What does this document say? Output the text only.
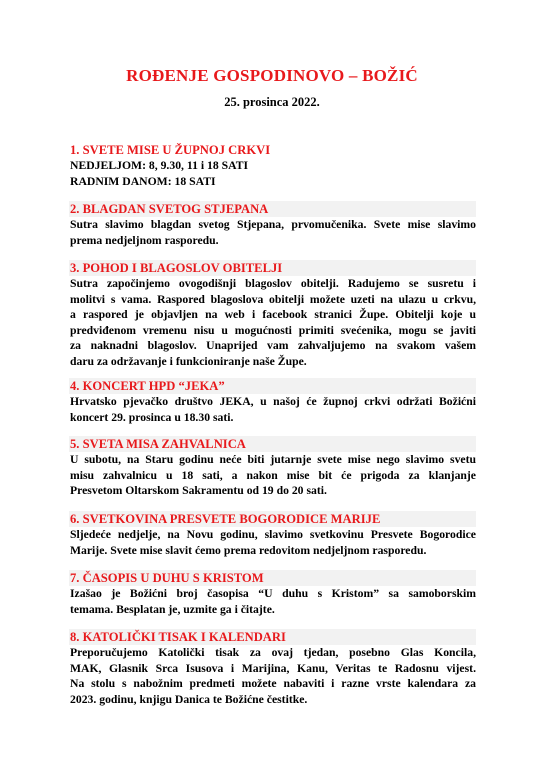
ROĐENJE GOSPODINOVO – BOŽIĆ
25. prosinca 2022.
1. SVETE MISE U ŽUPNOJ CRKVI
NEDJELJOM: 8, 9.30, 11 i 18 SATI
RADNIM DANOM: 18 SATI
2. BLAGDAN SVETOG STJEPANA
Sutra slavimo blagdan svetog Stjepana, prvomučenika. Svete mise slavimo
prema nedjeljnom rasporedu.
3. POHOD I BLAGOSLOV OBITELJI
Sutra započinjemo ovogodišnji blagoslov obitelji. Radujemo se susretu i
molitvi s vama. Raspored blagoslova obitelji možete uzeti na ulazu u crkvu,
a raspored je objavljen na web i facebook stranici Župe. Obitelji koje u
predviđenom vremenu nisu u mogućnosti primiti svećenika, mogu se javiti
za naknadni blagoslov. Unaprijed vam zahvaljujemo na svakom vašem
daru za održavanje i funkcioniranje naše Župe.
4. KONCERT HPD “JEKA”
Hrvatsko pjevačko društvo JEKA, u našoj će župnoj crkvi održati Božićni
koncert 29. prosinca u 18.30 sati.
5. SVETA MISA ZAHVALNICA
U subotu, na Staru godinu neće biti jutarnje svete mise nego slavimo svetu
misu zahvalnicu u 18 sati, a nakon mise bit će prigoda za klanjanje
Presvetom Oltarskom Sakramentu od 19 do 20 sati.
6. SVETKOVINA PRESVETE BOGORODICE MARIJE
Sljedeće nedjelje, na Novu godinu, slavimo svetkovinu Presvete Bogorodice
Marije. Svete mise slavit ćemo prema redovitom nedjeljnom rasporedu.
7. ČASOPIS U DUHU S KRISTOM
Izašao je Božićni broj časopisa “U duhu s Kristom” sa samoborskim
temama. Besplatan je, uzmite ga i čitajte.
8. KATOLIČKI TISAK I KALENDARI
Preporučujemo Katolički tisak za ovaj tjedan, posebno Glas Koncila,
MAK, Glasnik Srca Isusova i Marijina, Kanu, Veritas te Radosnu vijest.
Na stolu s nabožnim predmeti možete nabaviti i razne vrste kalendara za
2023. godinu, knjigu Danica te Božićne čestitke.
